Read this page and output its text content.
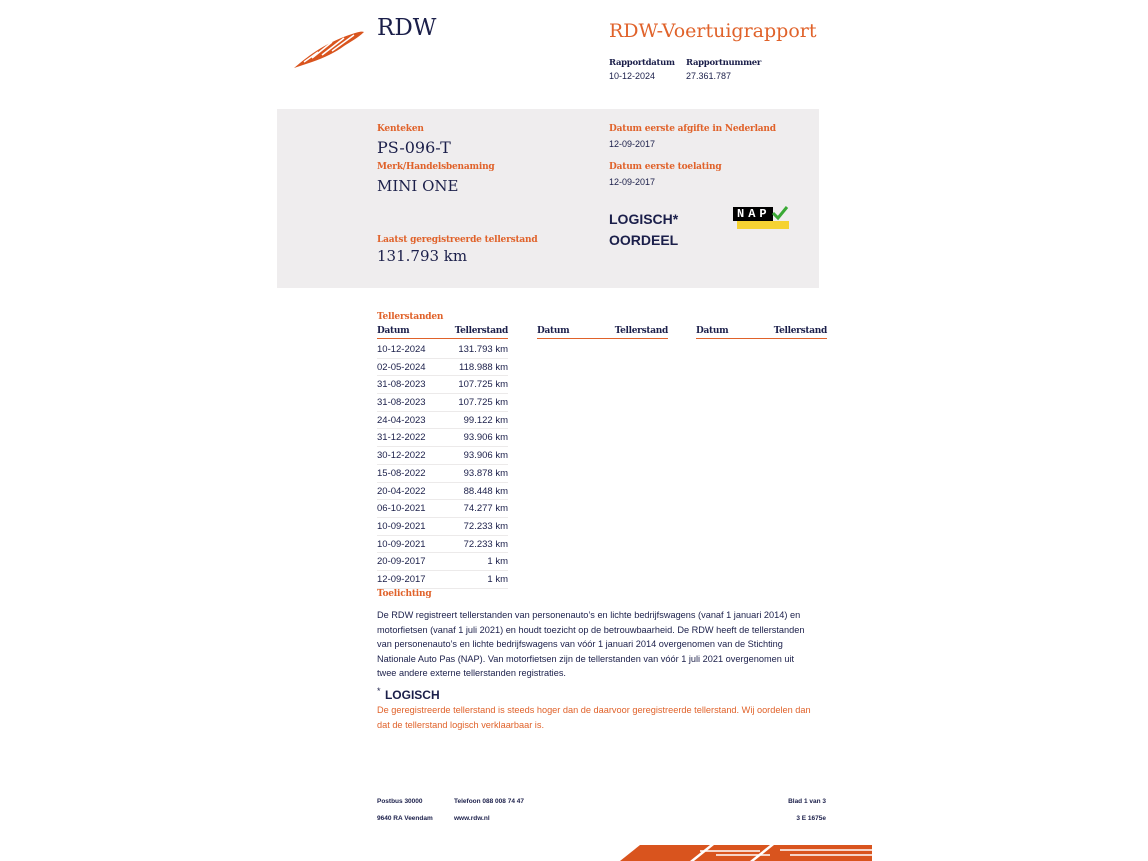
RDW	RDW-Voertuigrapport
Rapportdatum
10-12-2024
Rapportnummer
27.361.787
Kenteken
PS-096-T
Merk/Handelsbenaming
MINI ONE
Datum eerste afgifte in Nederland
12-09-2017
Datum eerste toelating
12-09-2017
LOGISCH*
OORDEEL
NAP
Laatst geregistreerde tellerstand
131.793 km
Tellerstanden
Datum	Tellerstand	Datum	Tellerstand	Datum	Tellerstand
10-12-2024	131.793 km
02-05-2024	118.988 km
31-08-2023	107.725 km
31-08-2023	107.725 km
24-04-2023	99.122 km
31-12-2022	93.906 km
30-12-2022	93.906 km
15-08-2022	93.878 km
20-04-2022	88.448 km
06-10-2021	74.277 km
10-09-2021	72.233 km
10-09-2021	72.233 km
20-09-2017	1 km
12-09-2017	1 km
Toelichting
De RDW registreert tellerstanden van personenauto’s en lichte bedrijfswagens (vanaf 1 januari 2014) en
motorfietsen (vanaf 1 juli 2021) en houdt toezicht op de betrouwbaarheid. De RDW heeft de tellerstanden
van personenauto’s en lichte bedrijfswagens van vóór 1 januari 2014 overgenomen van de Stichting
Nationale Auto Pas (NAP). Van motorfietsen zijn de tellerstanden van vóór 1 juli 2021 overgenomen uit
twee andere externe tellerstanden registraties.
* LOGISCH
De geregistreerde tellerstand is steeds hoger dan de daarvoor geregistreerde tellerstand. Wij oordelen dan
dat de tellerstand logisch verklaarbaar is.
Postbus 30000
9640 RA Veendam
Telefoon 088 008 74 47
www.rdw.nl
Blad 1 van 3
3 E 1675e
